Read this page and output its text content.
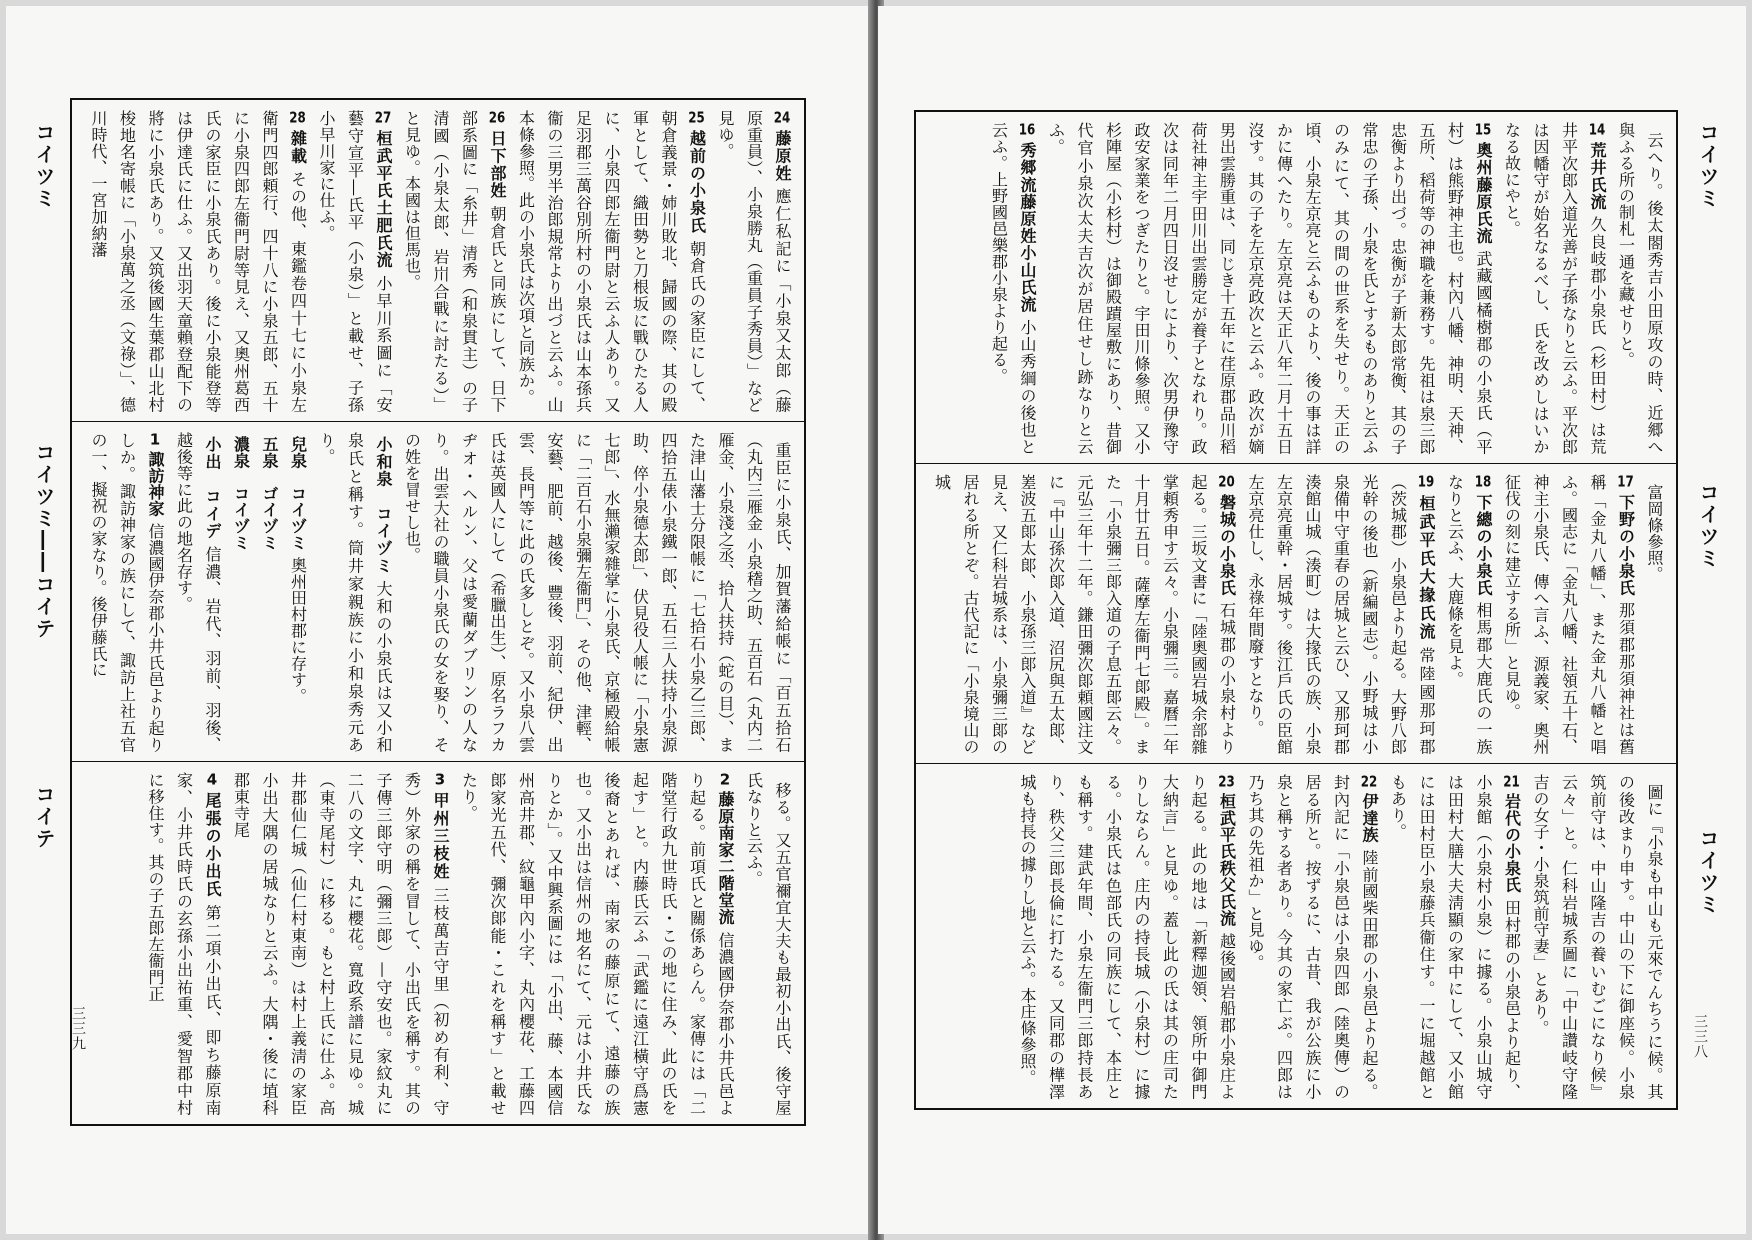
コイツミ
コイツミ――コイテ
コイテ
三三九

24藤原姓應仁私記に「小泉又太郎（藤原重員）、小泉勝丸（重員子秀員）」など見ゆ。

25越前の小泉氏朝倉氏の家臣にして、朝倉義景・姉川敗北、歸國の際、其の殿軍として、織田勢と刀根坂に戰ひたる人に、小泉四郎左衞門尉と云ふ人あり。又足羽郡三萬谷別所村の小泉氏は山本孫兵衞の三男半治郎規常より出づと云ふ。山本條參照。此の小泉氏は次項と同族か。

26日下部姓朝倉氏と同族にして、日下部系圖に「糸井」清秀（和泉貫主）の子清國（小泉太郎、岩𡵅合戰に討たる）」と見ゆ。本國は但馬也。

27桓武平氏土肥氏流小早川系圖に「安藝守宣平―氏平（小泉）」と載せ、子孫小早川家に仕ふ。

28雜載その他、東鑑卷四十七に小泉左衛門四郎頼行、四十八に小泉五郎、五十に小泉四郎左衞門尉等見え、又奧州葛西氏の家臣に小泉氏あり。後に小泉能登等は伊達氏に仕ふ。又出羽天童賴登配下の將に小泉氏あり。又筑後國生葉郡山北村梭地名寄帳に「小泉萬之丞（文祿）」、德川時代、一宮加納藩

重臣に小泉氏、加賀藩給帳に「百五拾石（丸内三雁金 小泉𥡴之助、五百石（丸内二雁金、小泉淺之丞、拾人扶持（蛇の目）、また津山藩士分限帳に「七拾石小泉乙三郎、四拾五俵小泉鐵一郎、五石三人扶持小泉源助、倅小泉德太郎」、伏見役人帳に「小泉憲七郎」、水無瀨家雜掌に小泉氏、京極殿給帳に「二百石小泉彌左衞門」、その他、津輕、安藝、肥前、越後、豐後、羽前、紀伊、出雲、長門等に此の氏多しとぞ。又小泉八雲氏は英國人にして（希臘出生）、原名ラフカヂオ・ヘルン、父は愛蘭ダブリンの人なり。出雲大社の職員小泉氏の女を娶り、その姓を冒せし也。

小和泉　コイヅミ大和の小泉氏は又小和泉氏と稱す。筒井家親族に小和泉秀元あり。

兒泉　コイヅミ奧州田村郡に存す。

五泉　ゴイヅミ

濃泉　コイヅミ

小出　コイデ信濃、岩代、羽前、羽後、越後等に此の地名存す。

1諏訪神家信濃國伊奈郡小井氏邑より起りしか。諏訪神家の族にして、諏訪上社五官の一、擬祝の家なり。後伊藤氏に

移る。又五官禰宜大夫も最初小出氏、後守屋氏なりと云ふ。

2藤原南家二階堂流信濃國伊奈郡小井氏邑より起る。前項氏と關係あらん。家傳には「二階堂行政九世時氏・この地に住み、此の氏を起す」と。内藤氏云ふ「武鑑に遠江橫守爲憲後裔とあれば、南家の藤原にて、遠藤の族也。又小出は信州の地名にて、元は小井氏なりとか」。又中興系圖には「小出、藤、本國信州高井郡、紋龜甲內小字、丸內櫻花、工藤四郞家光五代、彌次郞能・これを稱す」と載せたり。

3甲州三枝姓三枝萬吉守里（初め有利、守秀）外家の稱を冒して、小出氏を稱す。其の子傳三郞守明（彌三郞）—守安也。家紋丸に二八の文字、丸に櫻花。寬政系譜に見ゆ。城（東寺尾村）に移る。もと村上氏に仕ふ。高井郡仙仁城（仙仁村東南）は村上義淸の家臣小出大隅の居城なりと云ふ。大隅・後に埴科郡東寺尾

4尾張の小出氏第二項小出氏、即ち藤原南家、小井氏時氏の玄孫小出祐重、愛智郡中村に移住す。其の子五郎左衞門正

コイツミ
コイツミ
コイツミ
三三八

云へり。後太閤秀吉小田原攻の時、近郷へ與ふる所の制札一通を藏せりと。

14荒井氏流久良岐郡小泉氏（杉田村）は荒井平次郎入道光善が子孫なりと云ふ。平次郎は因幡守が始名なるべし、氏を改めしはいかなる故にやと。

15奧州藤原氏流武藏國橘樹郡の小泉氏（平村）は熊野神主也。村內八幡、神明、天神、五所、稻荷等の神職を兼務す。先祖は泉三郎忠衡より出づ。忠衡が子新太郎常衡、其の子常忠の子孫、小泉を氏とするものありと云ふのみにて、其の間の世系を失せり。天正の頃、小泉左京亮と云ふものより、後の事は詳かに傳へたり。左京亮は天正八年二月十五日沒す。其の子を左京亮政次と云ふ。政次が嫡男出雲勝重は、同じき十五年に荏原郡品川稻荷社神主宇田川出雲勝定が養子となれり。政次は同年二月四日沒せしにより、次男伊豫守政安家業をつぎたりと。宇田川條參照。又小杉陣屋（小杉村）は御殿蹟屋敷にあり、昔御代官小泉次太夫吉次が居住せし跡なりと云ふ。

16秀郷流藤原姓小山氏流小山秀綱の後也と云ふ。上野國邑樂郡小泉より起る。

富岡條參照。

17下野の小泉氏那須郡那須神社は舊稱「金丸八幡」、また金丸八幡と唱ふ。國志に「金丸八幡、社領五十石、神主小泉氏、傳へ言ふ、源義家、奧州征伐の刻に建立する所」と見ゆ。

18下總の小泉氏相馬郡大鹿氏の一族なりと云ふ、大鹿條を見よ。

19桓武平氏大掾氏流常陸國那珂郡（茨城郡）小泉邑より起る。大野八郎光幹の後也（新編國志）。小野城は小泉備中守重春の居城と云ひ、又那珂郡湊館山城（湊町）は大掾氏の族、小泉左京亮重幹・居城す。後江戶氏の臣館左京亮仕し、永祿年間廢すとなり。

20磐城の小泉氏石城郡の小泉村より起る。三坂文書に「陸奧國岩城余部雜掌頼秀申す云々。小泉彌三。嘉曆二年十月廿五日。薩摩左衞門七郞殿」。また「小泉彌三郞入道の子息五郞云々。元弘三年十二年。鎌田彌次郞頼國注文に『中山孫次郞入道、沼尻與五太郞、嵳波五郞太郞、小泉孫三郞入道』など見え、又仁科岩城系は、小泉彌三郞の居れる所とぞ。古代記に「小泉境山の城

圖に『小泉も中山も元來でんちうに候。其の後改まり申す。中山の下に御座候。小泉筑前守は、中山隆吉の養いむごになり候』云々」と。仁科岩城系圖に「中山讚岐守隆吉の女子・小泉筑前守妻」とあり。

21岩代の小泉氏田村郡の小泉邑より起り、小泉館（小泉村小泉）に據る。小泉山城守は田村大膳大夫淸顯の家中にして、又小館には田村臣小泉藤兵衞住す。一に堀越館ともあり。

22伊達族陸前國柴田郡の小泉邑より起る。封內記に「小泉邑は小泉四郎（陸奧傳）の居る所と。按ずるに、古昔、我が公族に小泉と稱する者あり。今其の家亡ぶ。四郎は乃ち其の先祖か」と見ゆ。

23桓武平氏秩父氏流越後國岩船郡小泉庄より起る。此の地は「新釋迦領、領所中御門大納言」と見ゆ。蓋し此の氏は其の庄司たりしならん。庄内の持長城（小泉村）に據る。小泉氏は色部氏の同族にして、本庄とも稱す。建武年間、小泉左衞門三郎持長あり、秩父三郎長倫に打たる。又同郡の樺澤城も持長の據りし地と云ふ。本庄條參照。
